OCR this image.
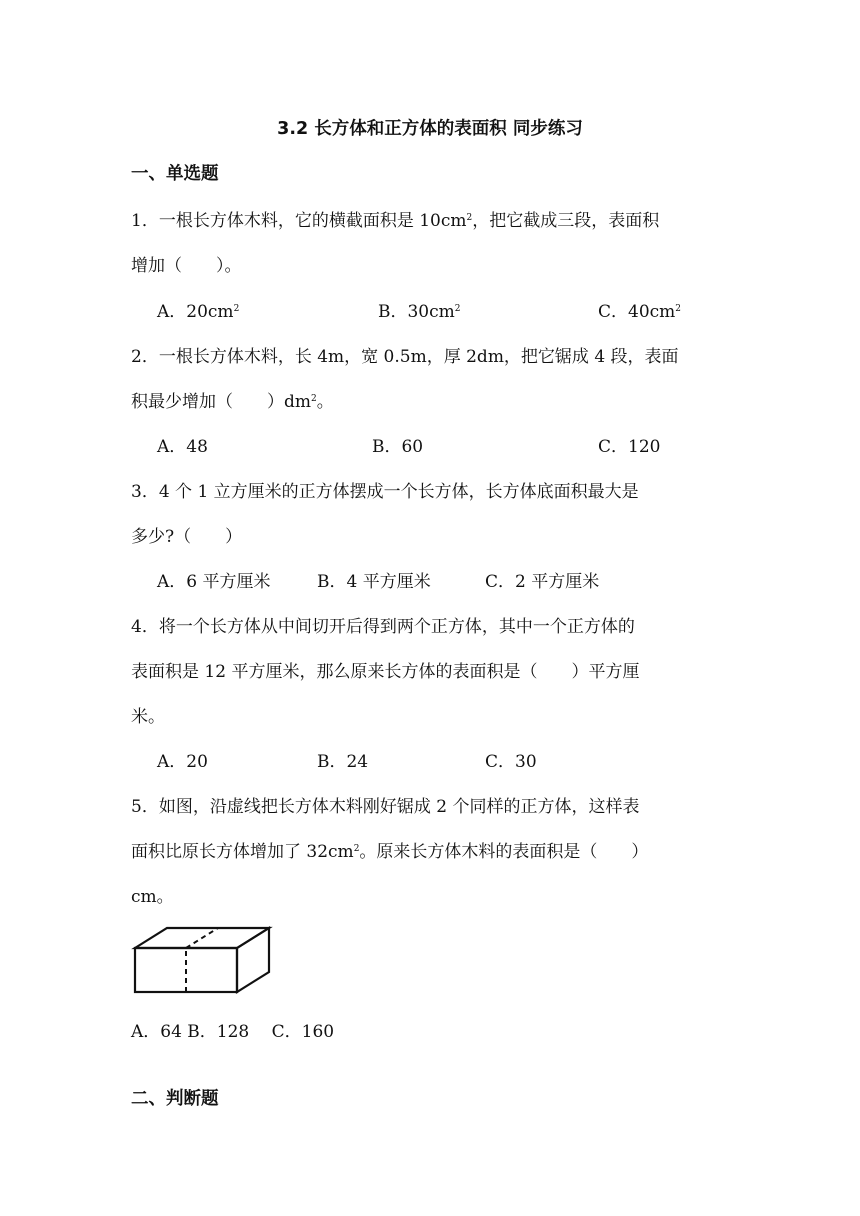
3.2 长方体和正方体的表面积 同步练习
一、单选题
1．一根长方体木料，它的横截面积是 $10cm^2$，把它截成三段，表面积
增加（　　）。
A．$20cm^2$	B．$30cm^2$	C．$40cm^2$
2．一根长方体木料，长 4m，宽 0.5m，厚 2dm，把它锯成 4 段，表面
积最少增加（　　）$dm^2$。
A．48	B．60	C．120
3．4 个 1 立方厘米的正方体摆成一个长方体，长方体底面积最大是
多少?（　　）
A．6 平方厘米	B．4 平方厘米	C．2 平方厘米
4．将一个长方体从中间切开后得到两个正方体，其中一个正方体的
表面积是 12 平方厘米，那么原来长方体的表面积是（　　）平方厘
米。
A．20	B．24	C．30
5．如图，沿虚线把长方体木料刚好锯成 2 个同样的正方体，这样表
面积比原长方体增加了 $32cm^2$。原来长方体木料的表面积是（　　）
cm。
A．64 B．128　 C．160
二、判断题
